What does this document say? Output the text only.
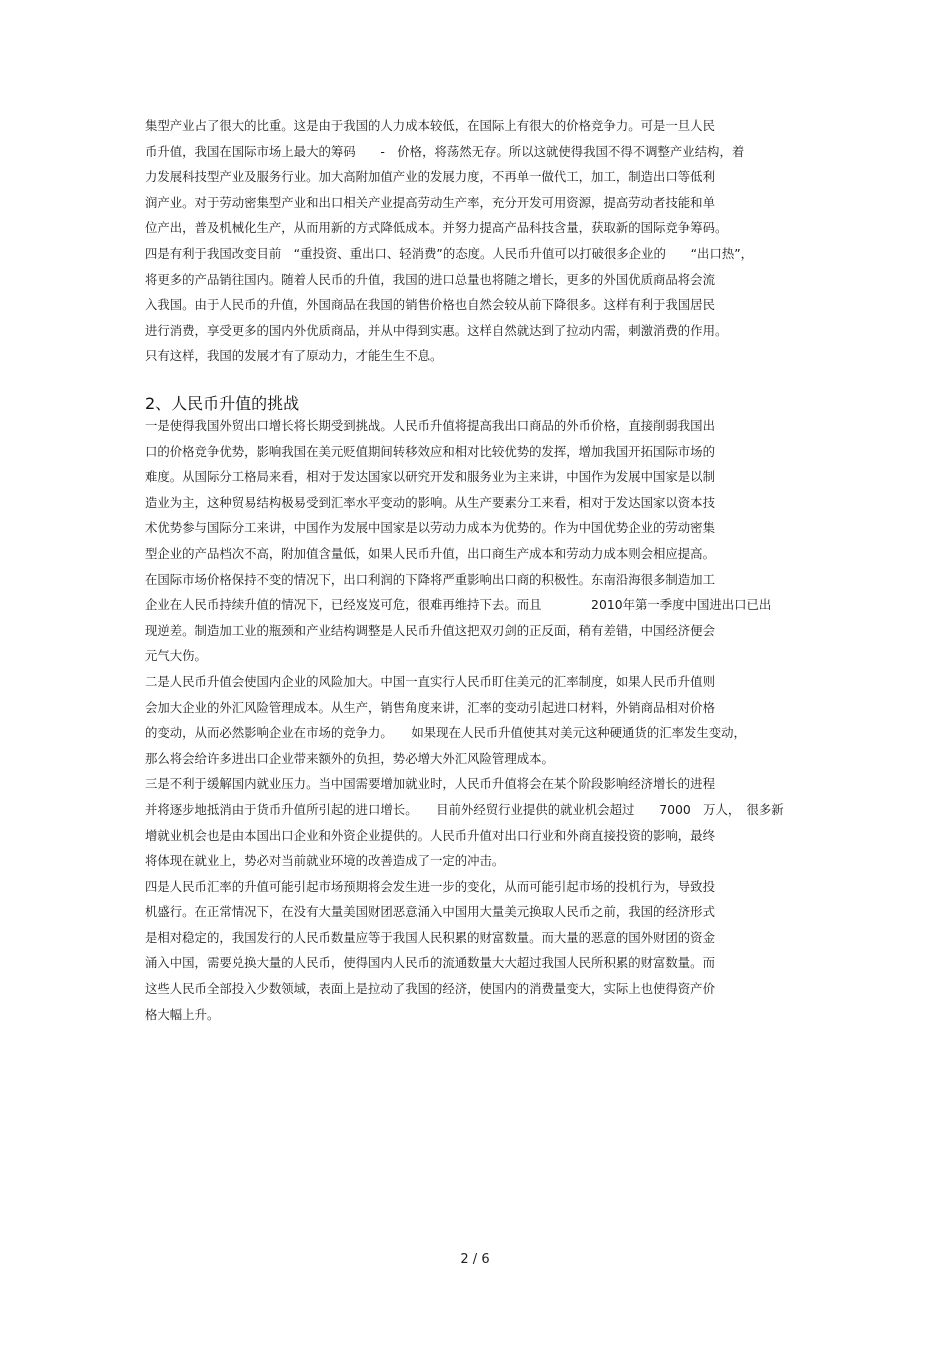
集型产业占了很大的比重。这是由于我国的人力成本较低，在国际上有很大的价格竞争力。可是一旦人民
币升值，我国在国际市场上最大的筹码　　-　价格，将荡然无存。所以这就使得我国不得不调整产业结构，着
力发展科技型产业及服务行业。加大高附加值产业的发展力度，不再单一做代工，加工，制造出口等低利
润产业。对于劳动密集型产业和出口相关产业提高劳动生产率，充分开发可用资源，提高劳动者技能和单
位产出，普及机械化生产，从而用新的方式降低成本。并努力提高产品科技含量，获取新的国际竞争筹码。
四是有利于我国改变目前　“重投资、重出口、轻消费”的态度。人民币升值可以打破很多企业的　　“出口热”，
将更多的产品销往国内。随着人民币的升值，我国的进口总量也将随之增长，更多的外国优质商品将会流
入我国。由于人民币的升值，外国商品在我国的销售价格也自然会较从前下降很多。这样有利于我国居民
进行消费，享受更多的国内外优质商品，并从中得到实惠。这样自然就达到了拉动内需，刺激消费的作用。
只有这样，我国的发展才有了原动力，才能生生不息。
2、人民币升值的挑战
一是使得我国外贸出口增长将长期受到挑战。人民币升值将提高我出口商品的外币价格，直接削弱我国出
口的价格竞争优势，影响我国在美元贬值期间转移效应和相对比较优势的发挥，增加我国开拓国际市场的
难度。从国际分工格局来看，相对于发达国家以研究开发和服务业为主来讲，中国作为发展中国家是以制
造业为主，这种贸易结构极易受到汇率水平变动的影响。从生产要素分工来看，相对于发达国家以资本技
术优势参与国际分工来讲，中国作为发展中国家是以劳动力成本为优势的。作为中国优势企业的劳动密集
型企业的产品档次不高，附加值含量低，如果人民币升值，出口商生产成本和劳动力成本则会相应提高。
在国际市场价格保持不变的情况下，出口利润的下降将严重影响出口商的积极性。东南沿海很多制造加工
企业在人民币持续升值的情况下，已经岌岌可危，很难再维持下去。而且　　　　2010年第一季度中国进出口已出
现逆差。制造加工业的瓶颈和产业结构调整是人民币升值这把双刃剑的正反面，稍有差错，中国经济便会
元气大伤。
二是人民币升值会使国内企业的风险加大。中国一直实行人民币盯住美元的汇率制度，如果人民币升值则
会加大企业的外汇风险管理成本。从生产，销售角度来讲，汇率的变动引起进口材料，外销商品相对价格
的变动，从而必然影响企业在市场的竞争力。　　如果现在人民币升值使其对美元这种硬通货的汇率发生变动，
那么将会给许多进出口企业带来额外的负担，势必增大外汇风险管理成本。
三是不利于缓解国内就业压力。当中国需要增加就业时，人民币升值将会在某个阶段影响经济增长的进程
并将逐步地抵消由于货币升值所引起的进口增长。　　目前外经贸行业提供的就业机会超过　　7000　万人，　很多新
增就业机会也是由本国出口企业和外资企业提供的。人民币升值对出口行业和外商直接投资的影响，最终
将体现在就业上，势必对当前就业环境的改善造成了一定的冲击。
四是人民币汇率的升值可能引起市场预期将会发生进一步的变化，从而可能引起市场的投机行为，导致投
机盛行。在正常情况下，在没有大量美国财团恶意涌入中国用大量美元换取人民币之前，我国的经济形式
是相对稳定的，我国发行的人民币数量应等于我国人民积累的财富数量。而大量的恶意的国外财团的资金
涌入中国，需要兑换大量的人民币，使得国内人民币的流通数量大大超过我国人民所积累的财富数量。而
这些人民币全部投入少数领域，表面上是拉动了我国的经济，使国内的消费量变大，实际上也使得资产价
格大幅上升。
2 / 6
